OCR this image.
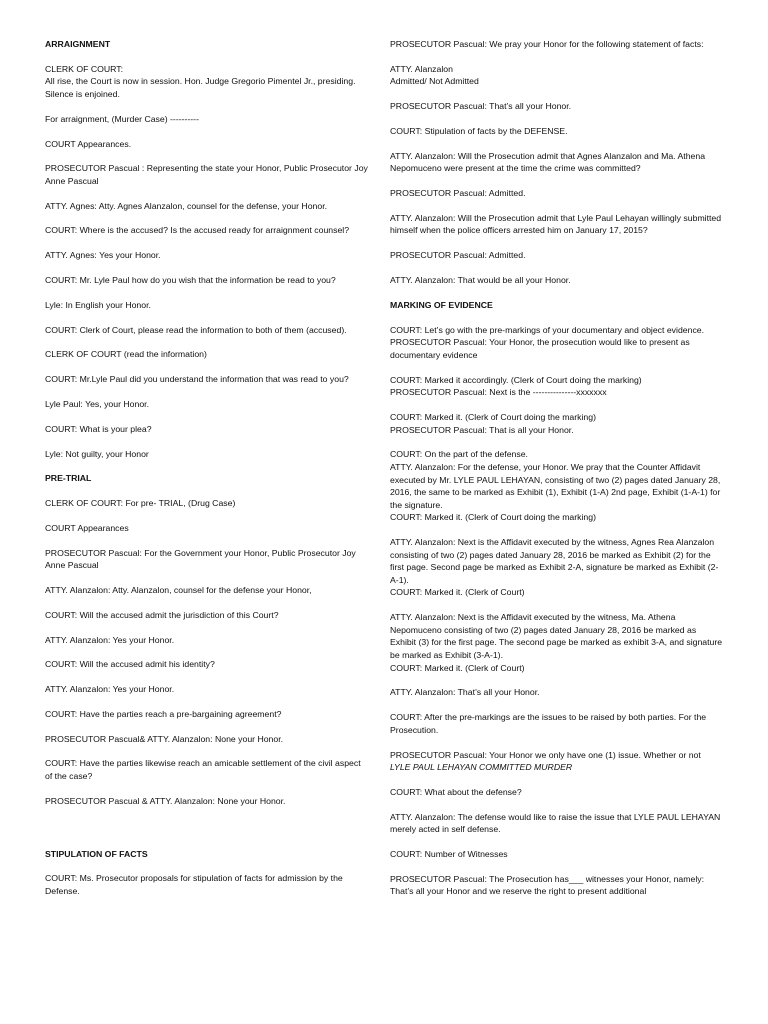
ARRAIGNMENT

CLERK OF COURT:

All rise, the Court is now in session. Hon. Judge Gregorio Pimentel Jr., presiding. Silence is enjoined.

For arraignment, (Murder Case) ----------

COURT Appearances.

PROSECUTOR Pascual : Representing the state your Honor, Public Prosecutor Joy Anne Pascual

ATTY. Agnes: Atty. Agnes Alanzalon, counsel for the defense, your Honor.

COURT: Where is the accused? Is the accused ready for arraignment counsel?

ATTY. Agnes: Yes your Honor.

COURT: Mr. Lyle Paul how do you wish that the information be read to you?

Lyle: In English your Honor.

COURT: Clerk of Court, please read the information to both of them (accused).

CLERK OF COURT (read the information)

COURT: Mr.Lyle Paul did you understand the information that was read to you?

Lyle Paul: Yes, your Honor.

COURT: What is your plea?

Lyle: Not guilty, your Honor

PRE-TRIAL

CLERK OF COURT: For pre- TRIAL, (Drug Case)

COURT Appearances

PROSECUTOR Pascual: For the Government your Honor, Public Prosecutor Joy Anne Pascual

ATTY. Alanzalon: Atty. Alanzalon, counsel for the defense your Honor,

COURT: Will the accused admit the jurisdiction of this Court?

ATTY. Alanzalon: Yes your Honor.

COURT: Will the accused admit his identity?

ATTY. Alanzalon: Yes your Honor.

COURT: Have the parties reach a pre-bargaining agreement?

PROSECUTOR Pascual& ATTY. Alanzalon: None your Honor.

COURT: Have the parties likewise reach an amicable settlement of the civil aspect of the case?

PROSECUTOR Pascual & ATTY. Alanzalon: None your Honor.

STIPULATION OF FACTS

COURT: Ms. Prosecutor proposals for stipulation of facts for admission by the Defense.

PROSECUTOR Pascual: We pray your Honor for the following statement of facts:

ATTY. Alanzalon

Admitted/ Not Admitted

PROSECUTOR Pascual: That’s all your Honor.

COURT: Stipulation of facts by the DEFENSE.

ATTY. Alanzalon: Will the Prosecution admit that Agnes Alanzalon and Ma. Athena Nepomuceno were present at the time the crime was committed?

PROSECUTOR Pascual: Admitted.

ATTY. Alanzalon: Will the Prosecution admit that Lyle Paul Lehayan willingly submitted himself when the police officers arrested him on January 17, 2015?

PROSECUTOR Pascual: Admitted.

ATTY. Alanzalon: That would be all your Honor.

MARKING OF EVIDENCE

COURT: Let’s go with the pre-markings of your documentary and object evidence.

PROSECUTOR Pascual: Your Honor, the prosecution would like to present as documentary evidence

COURT: Marked it accordingly. (Clerk of Court doing the marking)

PROSECUTOR Pascual: Next is the ---------------xxxxxxx

COURT: Marked it. (Clerk of Court doing the marking)

PROSECUTOR Pascual: That is all your Honor.

COURT: On the part of the defense.

ATTY. Alanzalon: For the defense, your Honor. We pray that the Counter Affidavit executed by Mr. LYLE PAUL LEHAYAN, consisting of two (2) pages dated January 28, 2016, the same to be marked as Exhibit (1), Exhibit (1-A) 2nd page, Exhibit (1-A-1) for the signature.

COURT: Marked it. (Clerk of Court doing the marking)

ATTY. Alanzalon: Next is the Affidavit executed by the witness, Agnes Rea Alanzalon consisting of two (2) pages dated January 28, 2016 be marked as Exhibit (2) for the first page. Second page be marked as Exhibit 2-A, signature be marked as Exhibit (2-A-1).

COURT: Marked it. (Clerk of Court)

ATTY. Alanzalon: Next is the Affidavit executed by the witness, Ma. Athena Nepomuceno consisting of two (2) pages dated January 28, 2016 be marked as Exhibit (3) for the first page. The second page be marked as exhibit 3-A, and signature be marked as Exhibit (3-A-1).

COURT: Marked it. (Clerk of Court)

ATTY. Alanzalon: That’s all your Honor.

COURT: After the pre-markings are the issues to be raised by both parties. For the Prosecution.

PROSECUTOR Pascual: Your Honor we only have one (1) issue. Whether or not LYLE PAUL LEHAYAN COMMITTED MURDER

COURT: What about the defense?

ATTY. Alanzalon: The defense would like to raise the issue that LYLE PAUL LEHAYAN merely acted in self defense.

COURT: Number of Witnesses

PROSECUTOR Pascual: The Prosecution has___ witnesses your Honor, namely: That’s all your Honor and we reserve the right to present additional
